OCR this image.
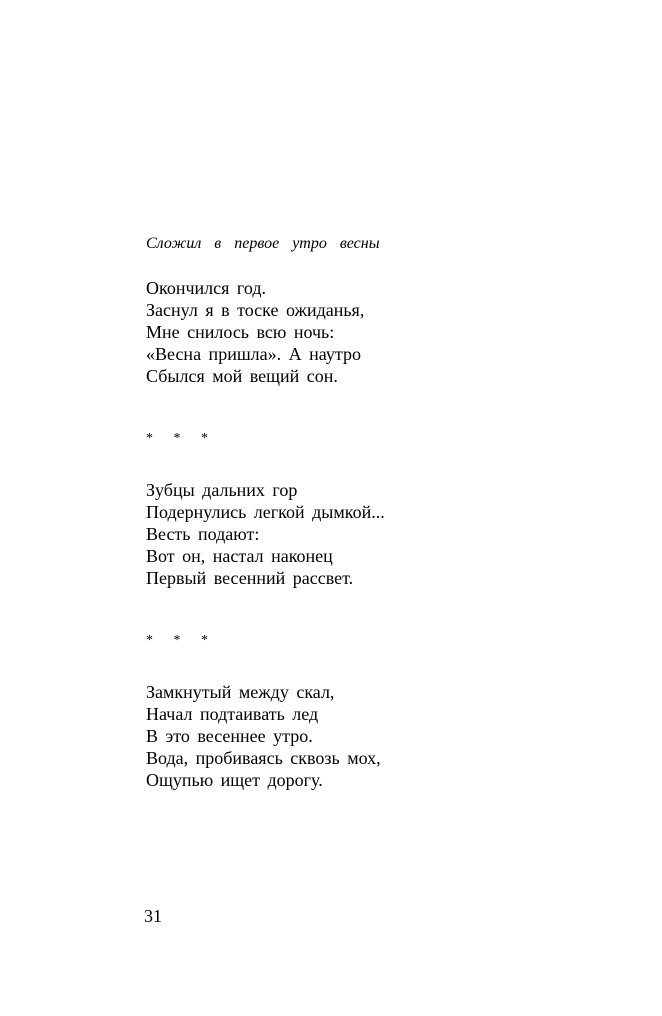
Сложил в первое утро весны
Окончился год.
Заснул я в тоске ожиданья,
Мне снилось всю ночь:
«Весна пришла». А наутро
Сбылся мой вещий сон.
* * *
Зубцы дальних гор
Подернулись легкой дымкой...
Весть подают:
Вот он, настал наконец
Первый весенний рассвет.
* * *
Замкнутый между скал,
Начал подтаивать лед
В это весеннее утро.
Вода, пробиваясь сквозь мох,
Ощупью ищет дорогу.
31
